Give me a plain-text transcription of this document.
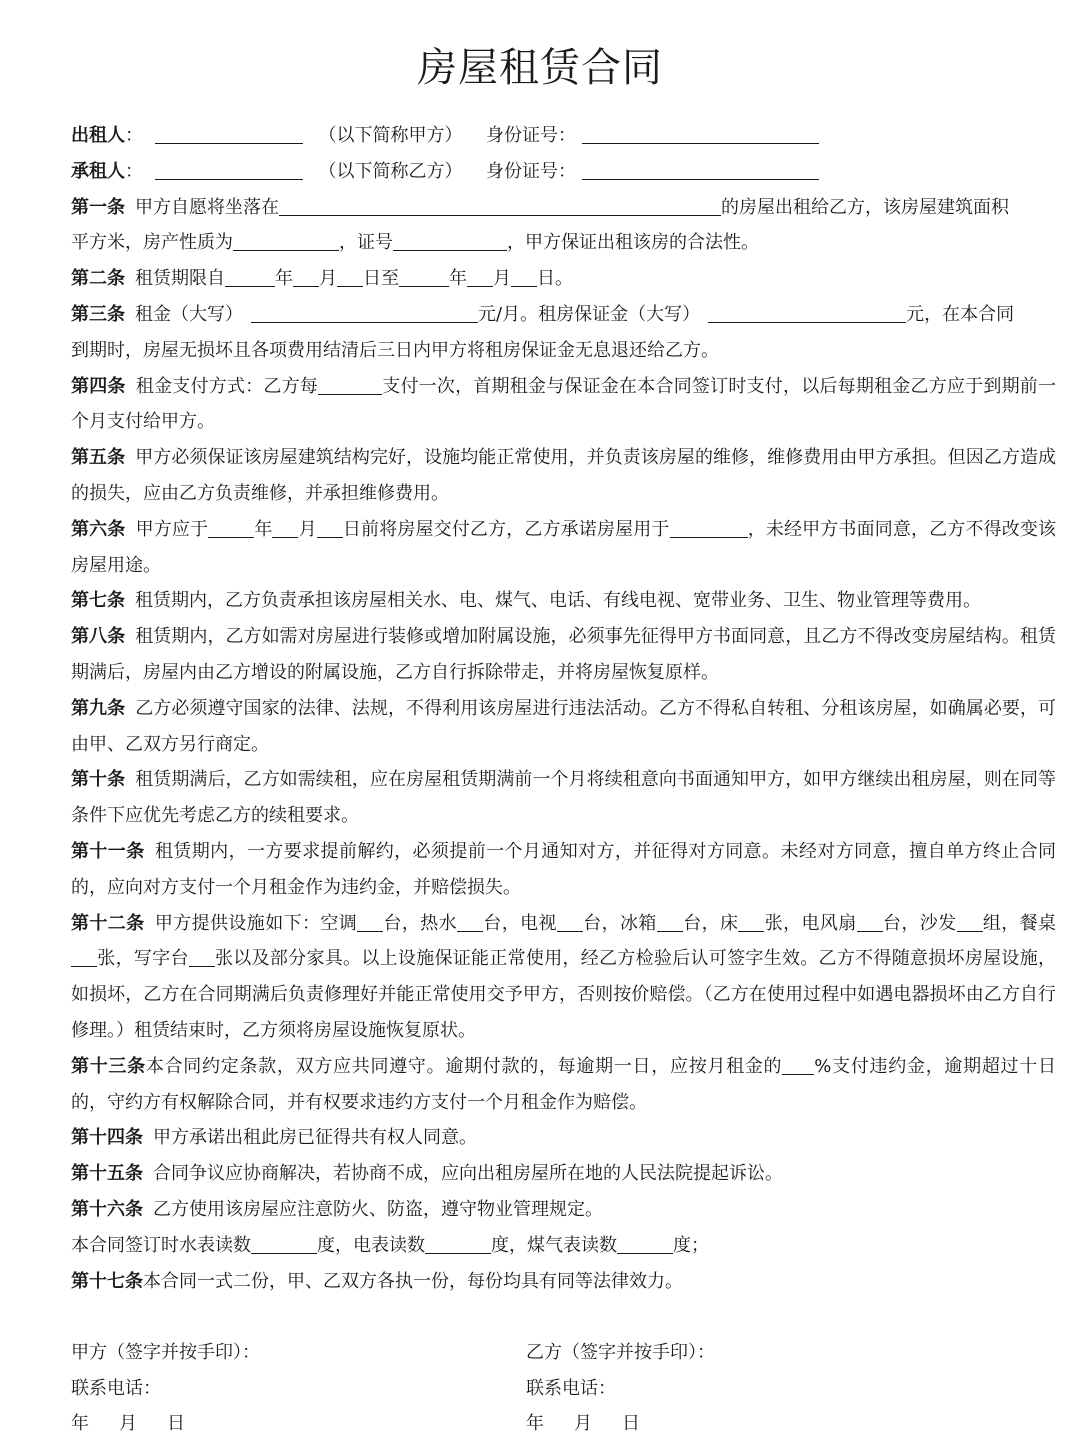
房屋租赁合同
出租人：	（以下简称甲方） 身份证号：
承租人：	（以下简称乙方） 身份证号：

第一条 甲方自愿将坐落在	的房屋出租给乙方，该房屋建筑面积
平方米，房产性质为	，证号	，甲方保证出租该房的合法性。

第二条 租赁期限自	年 月 日至	年 月 日。

第三条 租金（大写）	元/月。租房保证金（大写）	元，在本合同
到期时，房屋无损坏且各项费用结清后三日内甲方将租房保证金无息退还给乙方。

第四条 租金支付方式：乙方每	支付一次，首期租金与保证金在本合同签订时支付，以后每期租金乙方应于到期前一个月支付给甲方。

第五条 甲方必须保证该房屋建筑结构完好，设施均能正常使用，并负责该房屋的维修，维修费用由甲方承担。但因乙方造成的损失，应由乙方负责维修，并承担维修费用。

第六条 甲方应于	年 月 日前将房屋交付乙方，乙方承诺房屋用于	，未经甲方书面同意，乙方不得改变该房屋用途。

第七条 租赁期内，乙方负责承担该房屋相关水、电、煤气、电话、有线电视、宽带业务、卫生、物业管理等费用。

第八条 租赁期内，乙方如需对房屋进行装修或增加附属设施，必须事先征得甲方书面同意，且乙方不得改变房屋结构。租赁期满后，房屋内由乙方增设的附属设施，乙方自行拆除带走，并将房屋恢复原样。

第九条 乙方必须遵守国家的法律、法规，不得利用该房屋进行违法活动。乙方不得私自转租、分租该房屋，如确属必要，可由甲、乙双方另行商定。

第十条 租赁期满后，乙方如需续租，应在房屋租赁期满前一个月将续租意向书面通知甲方，如甲方继续出租房屋，则在同等条件下应优先考虑乙方的续租要求。

第十一条 租赁期内，一方要求提前解约，必须提前一个月通知对方，并征得对方同意。未经对方同意，擅自单方终止合同的，应向对方支付一个月租金作为违约金，并赔偿损失。

第十二条 甲方提供设施如下：空调 台，热水 台，电视 台，冰箱 台，床 张，电风扇 台，沙发 组，餐桌张，写字台 张以及部分家具。以上设施保证能正常使用，经乙方检验后认可签字生效。乙方不得随意损坏房屋设施，如损坏，乙方在合同期满后负责修理好并能正常使用交予甲方，否则按价赔偿。（乙方在使用过程中如遇电器损坏由乙方自行修理。）租赁结束时，乙方须将房屋设施恢复原状。

第十三条本合同约定条款，双方应共同遵守。逾期付款的，每逾期一日，应按月租金的 %支付违约金，逾期超过十日的，守约方有权解除合同，并有权要求违约方支付一个月租金作为赔偿。

第十四条 甲方承诺出租此房已征得共有权人同意。

第十五条 合同争议应协商解决，若协商不成，应向出租房屋所在地的人民法院提起诉讼。

第十六条 乙方使用该房屋应注意防火、防盗，遵守物业管理规定。

本合同签订时水表读数	度，电表读数	度，煤气表读数	度；

第十七条本合同一式二份，甲、乙双方各执一份，每份均具有同等法律效力。

甲方（签字并按手印）：	乙方（签字并按手印）：
联系电话：	联系电话：
年 月 日	年 月 日
